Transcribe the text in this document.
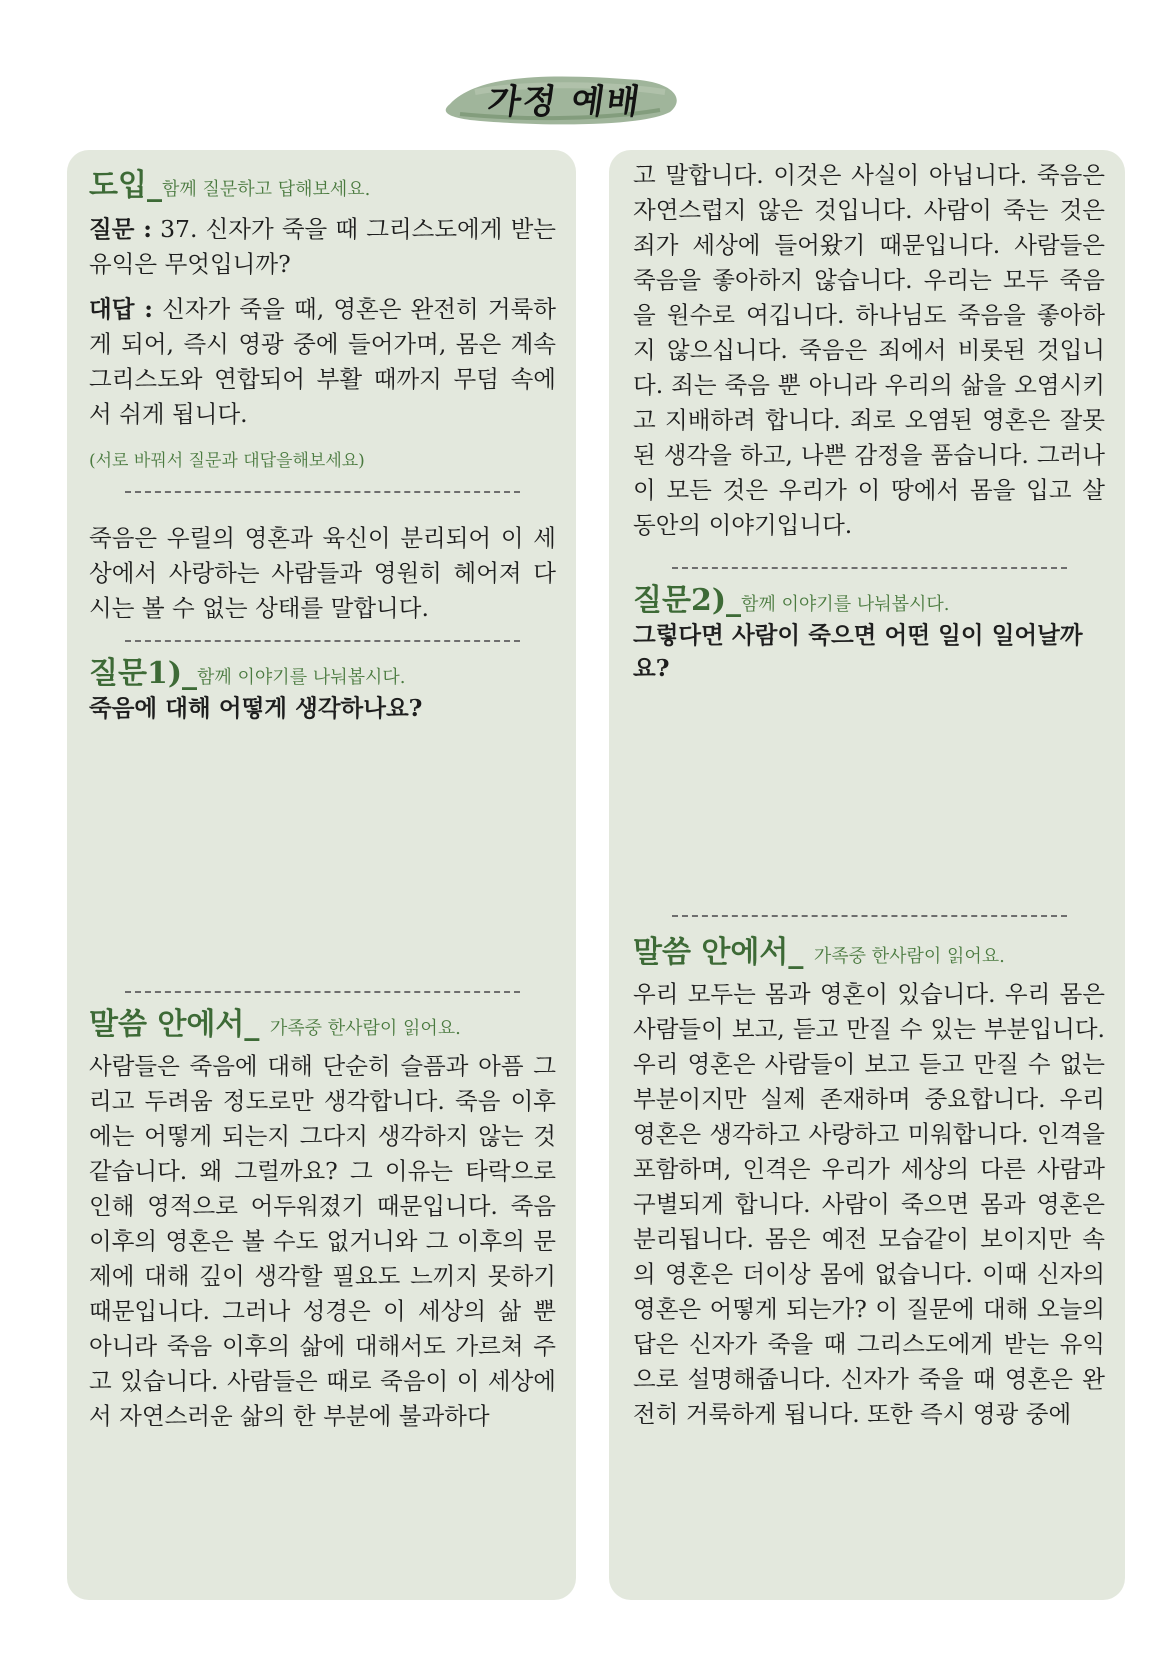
가정 예배

도입_함께 질문하고 답해보세요.

질문 : 37. 신자가 죽을 때 그리스도에게 받는 유익은 무엇입니까?

대답 : 신자가 죽을 때, 영혼은 완전히 거룩하게 되어, 즉시 영광 중에 들어가며, 몸은 계속 그리스도와 연합되어 부활 때까지 무덤 속에서 쉬게 됩니다.

(서로 바꿔서 질문과 대답을해보세요)

죽음은 우릴의 영혼과 육신이 분리되어 이 세상에서 사랑하는 사람들과 영원히 헤어져 다시는 볼 수 없는 상태를 말합니다.

질문1)_함께 이야기를 나눠봅시다.

죽음에 대해 어떻게 생각하나요?

말씀 안에서_ 가족중 한사람이 읽어요.

사람들은 죽음에 대해 단순히 슬픔과 아픔 그리고 두려움 정도로만 생각합니다. 죽음 이후에는 어떻게 되는지 그다지 생각하지 않는 것 같습니다. 왜 그럴까요? 그 이유는 타락으로 인해 영적으로 어두워졌기 때문입니다. 죽음 이후의 영혼은 볼 수도 없거니와 그 이후의 문제에 대해 깊이 생각할 필요도 느끼지 못하기 때문입니다. 그러나 성경은 이 세상의 삶 뿐 아니라 죽음 이후의 삶에 대해서도 가르쳐 주고 있습니다. 사람들은 때로 죽음이 이 세상에서 자연스러운 삶의 한 부분에 불과하다

고 말합니다. 이것은 사실이 아닙니다. 죽음은 자연스럽지 않은 것입니다. 사람이 죽는 것은 죄가 세상에 들어왔기 때문입니다. 사람들은 죽음을 좋아하지 않습니다. 우리는 모두 죽음을 원수로 여깁니다. 하나님도 죽음을 좋아하지 않으십니다. 죽음은 죄에서 비롯된 것입니다. 죄는 죽음 뿐 아니라 우리의 삶을 오염시키고 지배하려 합니다. 죄로 오염된 영혼은 잘못된 생각을 하고, 나쁜 감정을 품습니다. 그러나 이 모든 것은 우리가 이 땅에서 몸을 입고 살 동안의 이야기입니다.

질문2)_함께 이야기를 나눠봅시다.

그렇다면 사람이 죽으면 어떤 일이 일어날까요?

말씀 안에서_ 가족중 한사람이 읽어요.

우리 모두는 몸과 영혼이 있습니다. 우리 몸은 사람들이 보고, 듣고 만질 수 있는 부분입니다. 우리 영혼은 사람들이 보고 듣고 만질 수 없는 부분이지만 실제 존재하며 중요합니다. 우리 영혼은 생각하고 사랑하고 미워합니다. 인격을 포함하며, 인격은 우리가 세상의 다른 사람과 구별되게 합니다. 사람이 죽으면 몸과 영혼은 분리됩니다. 몸은 예전 모습같이 보이지만 속의 영혼은 더이상 몸에 없습니다. 이때 신자의 영혼은 어떻게 되는가? 이 질문에 대해 오늘의 답은 신자가 죽을 때 그리스도에게 받는 유익으로 설명해줍니다. 신자가 죽을 때 영혼은 완전히 거룩하게 됩니다. 또한 즉시 영광 중에
